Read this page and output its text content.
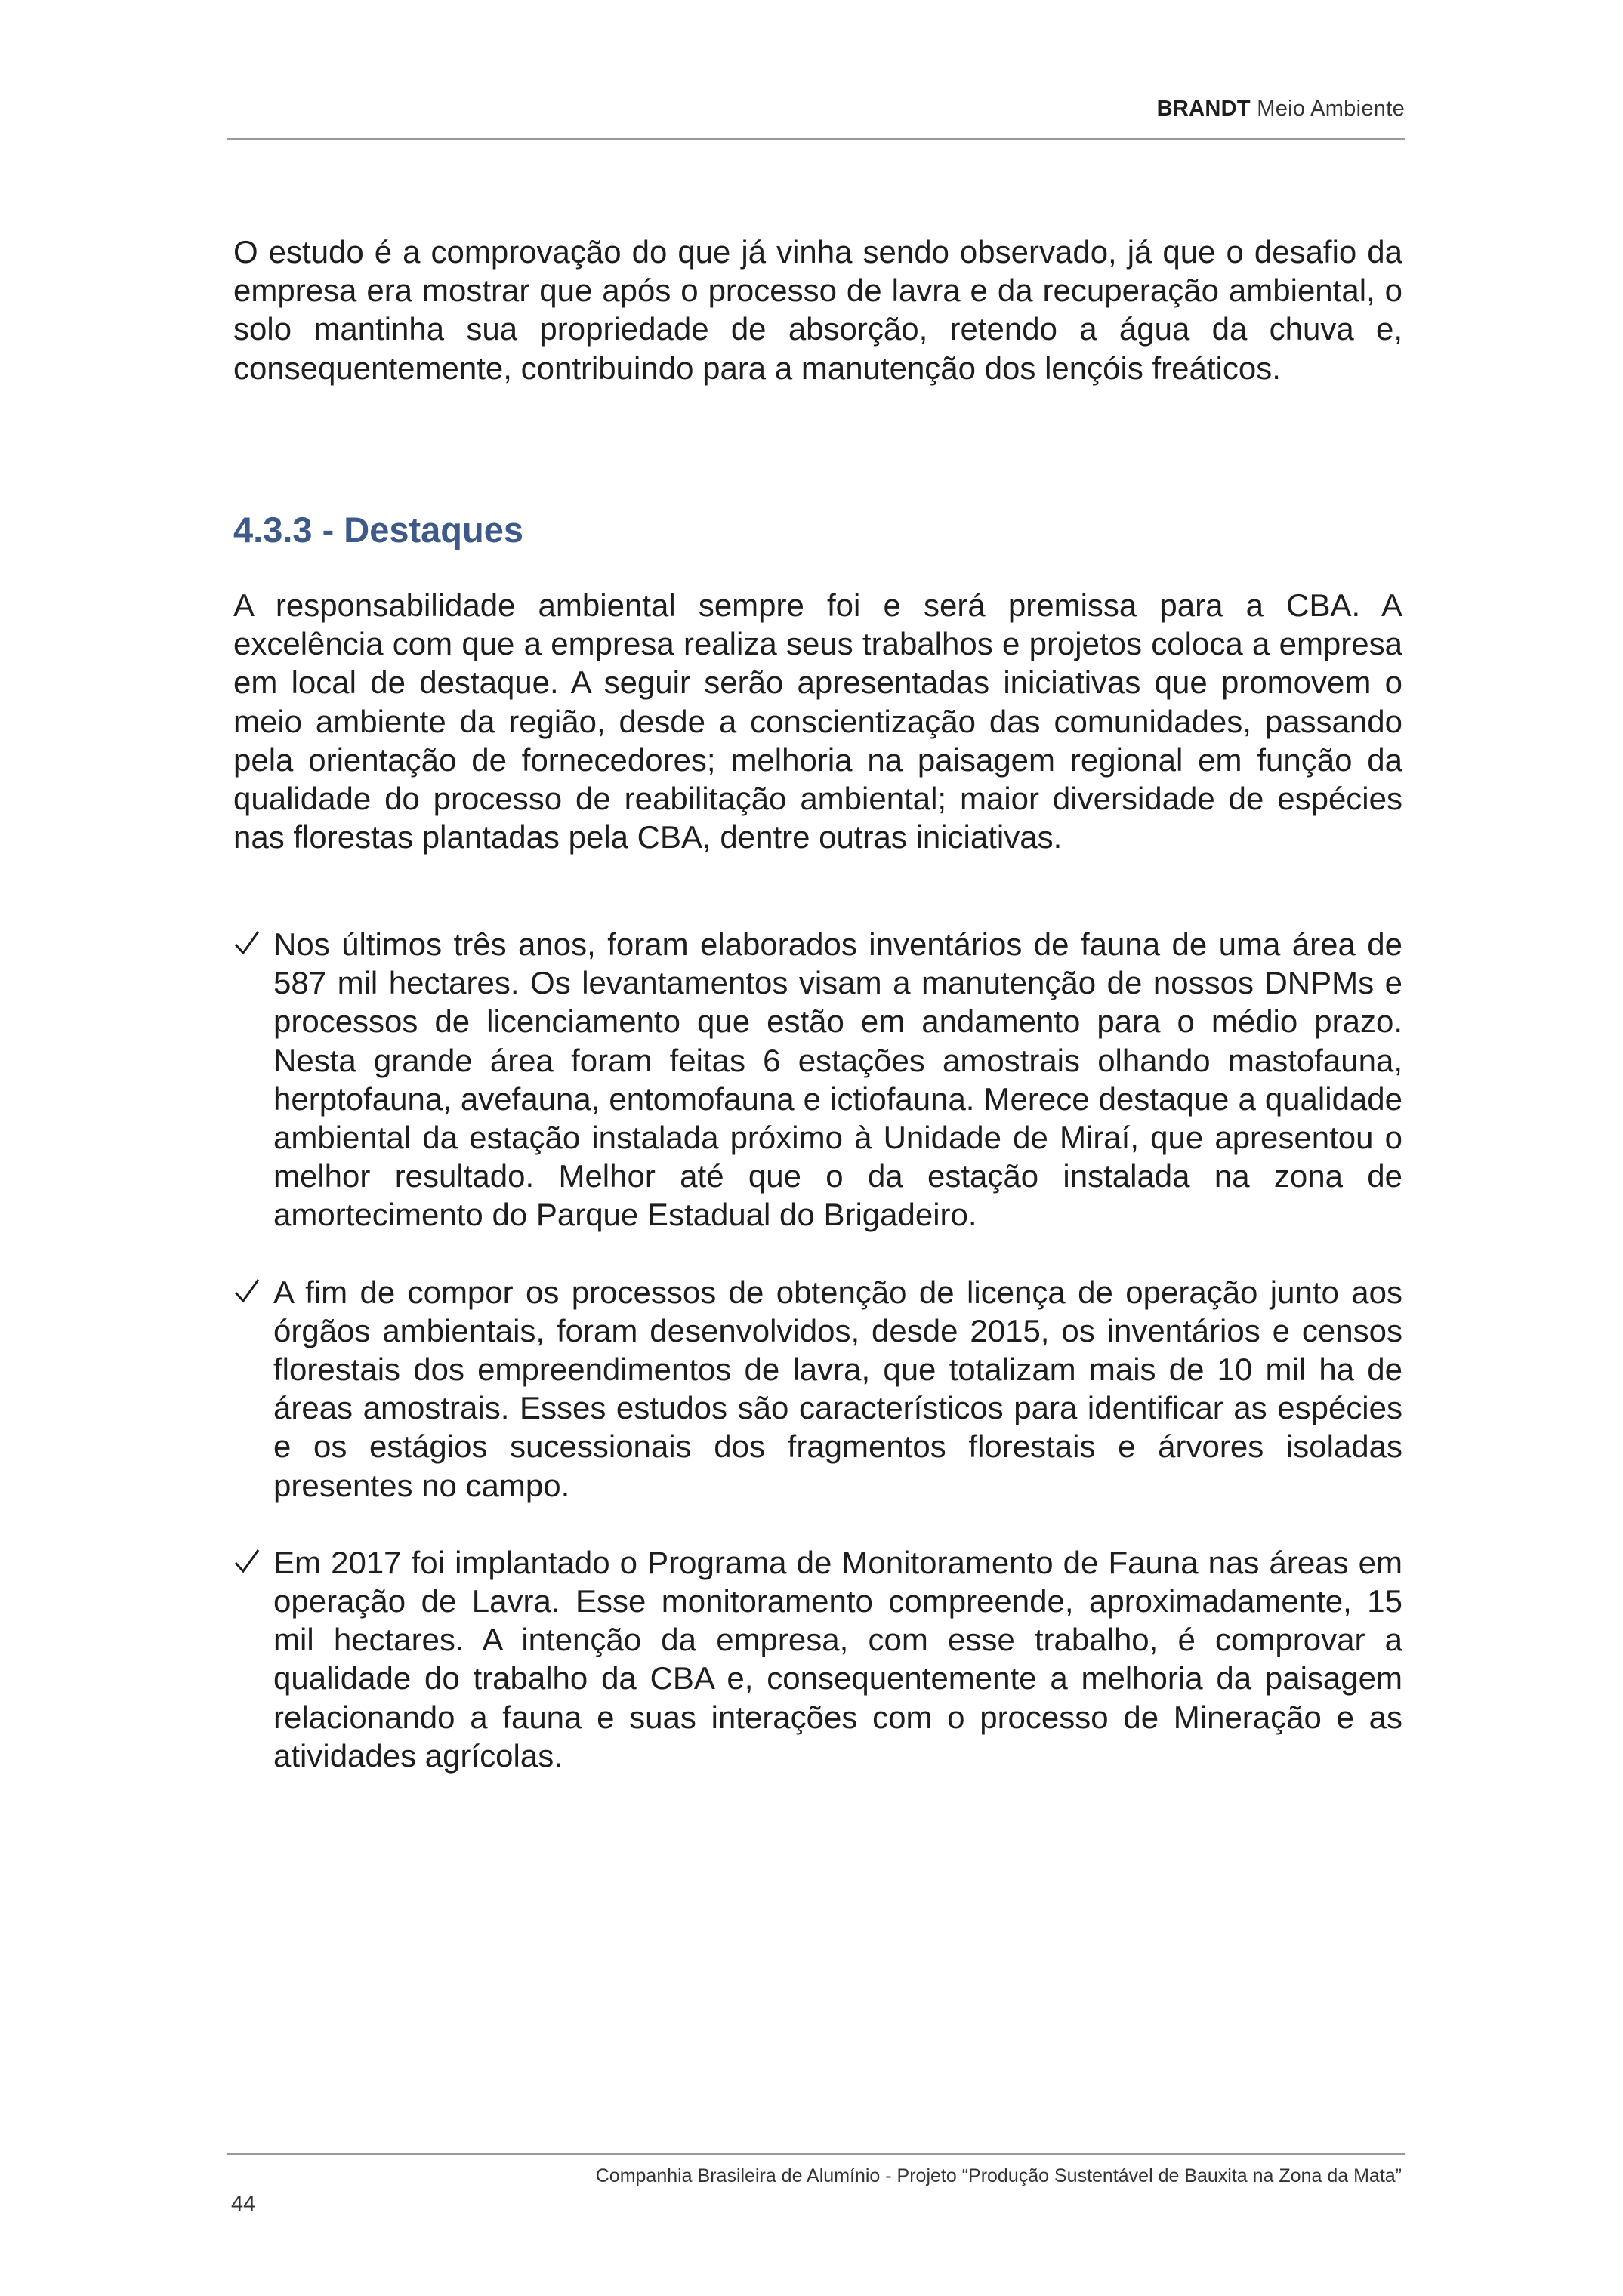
BRANDT Meio Ambiente

O estudo é a comprovação do que já vinha sendo observado, já que o desafio da empresa era mostrar que após o processo de lavra e da recuperação ambiental, o solo mantinha sua propriedade de absorção, retendo a água da chuva e, consequentemente, contribuindo para a manutenção dos lençóis freáticos.

4.3.3 - Destaques

A responsabilidade ambiental sempre foi e será premissa para a CBA. A excelência com que a empresa realiza seus trabalhos e projetos coloca a empresa em local de destaque. A seguir serão apresentadas iniciativas que promovem o meio ambiente da região, desde a conscientização das comunidades, passando pela orientação de fornecedores; melhoria na paisagem regional em função da qualidade do processo de reabilitação ambiental; maior diversidade de espécies nas florestas plantadas pela CBA, dentre outras iniciativas.

Nos últimos três anos, foram elaborados inventários de fauna de uma área de 587 mil hectares. Os levantamentos visam a manutenção de nossos DNPMs e processos de licenciamento que estão em andamento para o médio prazo. Nesta grande área foram feitas 6 estações amostrais olhando mastofauna, herptofauna, avefauna, entomofauna e ictiofauna. Merece destaque a qualidade ambiental da estação instalada próximo à Unidade de Miraí, que apresentou o melhor resultado. Melhor até que o da estação instalada na zona de amortecimento do Parque Estadual do Brigadeiro.
A fim de compor os processos de obtenção de licença de operação junto aos órgãos ambientais, foram desenvolvidos, desde 2015, os inventários e censos florestais dos empreendimentos de lavra, que totalizam mais de 10 mil ha de áreas amostrais. Esses estudos são característicos para identificar as espécies e os estágios sucessionais dos fragmentos florestais e árvores isoladas presentes no campo.
Em 2017 foi implantado o Programa de Monitoramento de Fauna nas áreas em operação de Lavra. Esse monitoramento compreende, aproximadamente, 15 mil hectares. A intenção da empresa, com esse trabalho, é comprovar a qualidade do trabalho da CBA e, consequentemente a melhoria da paisagem relacionando a fauna e suas interações com o processo de Mineração e as atividades agrícolas.
Companhia Brasileira de Alumínio - Projeto “Produção Sustentável de Bauxita na Zona da Mata”
44
